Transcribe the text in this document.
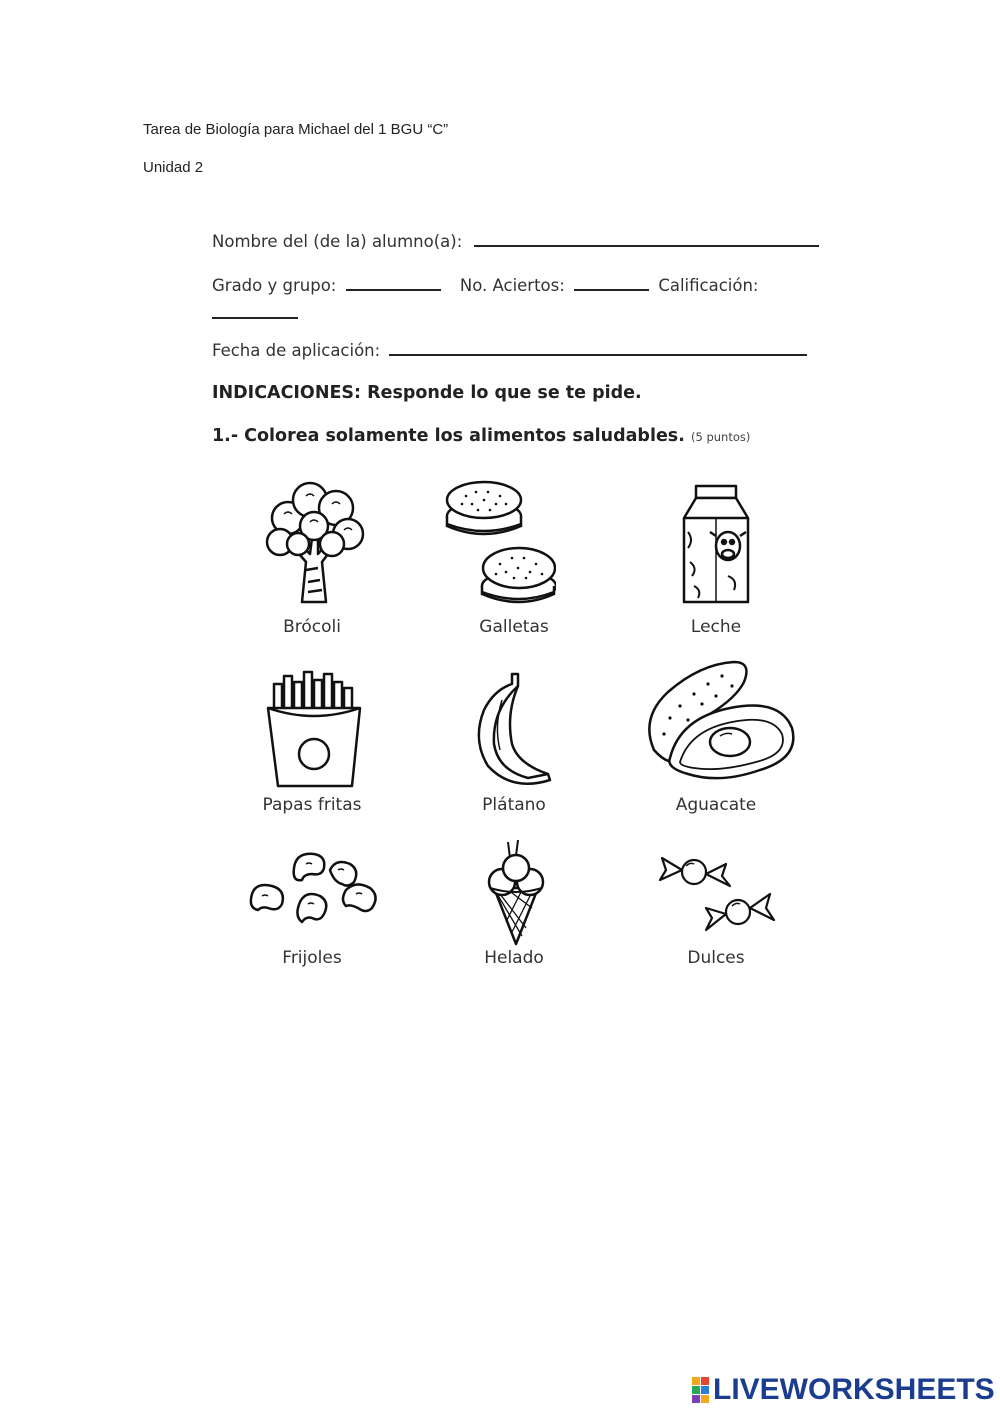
Tarea de Biología para Michael del 1 BGU “C”
Unidad 2
Nombre del (de la) alumno(a):
Grado y grupo:	No. Aciertos:	Calificación:
Fecha de aplicación:
INDICACIONES: Responde lo que se te pide.
1.- Colorea solamente los alimentos saludables. (5 puntos)
Brócoli	Galletas	Leche
Papas fritas	Plátano	Aguacate
Frijoles	Helado	Dulces
LIVEWORKSHEETS
